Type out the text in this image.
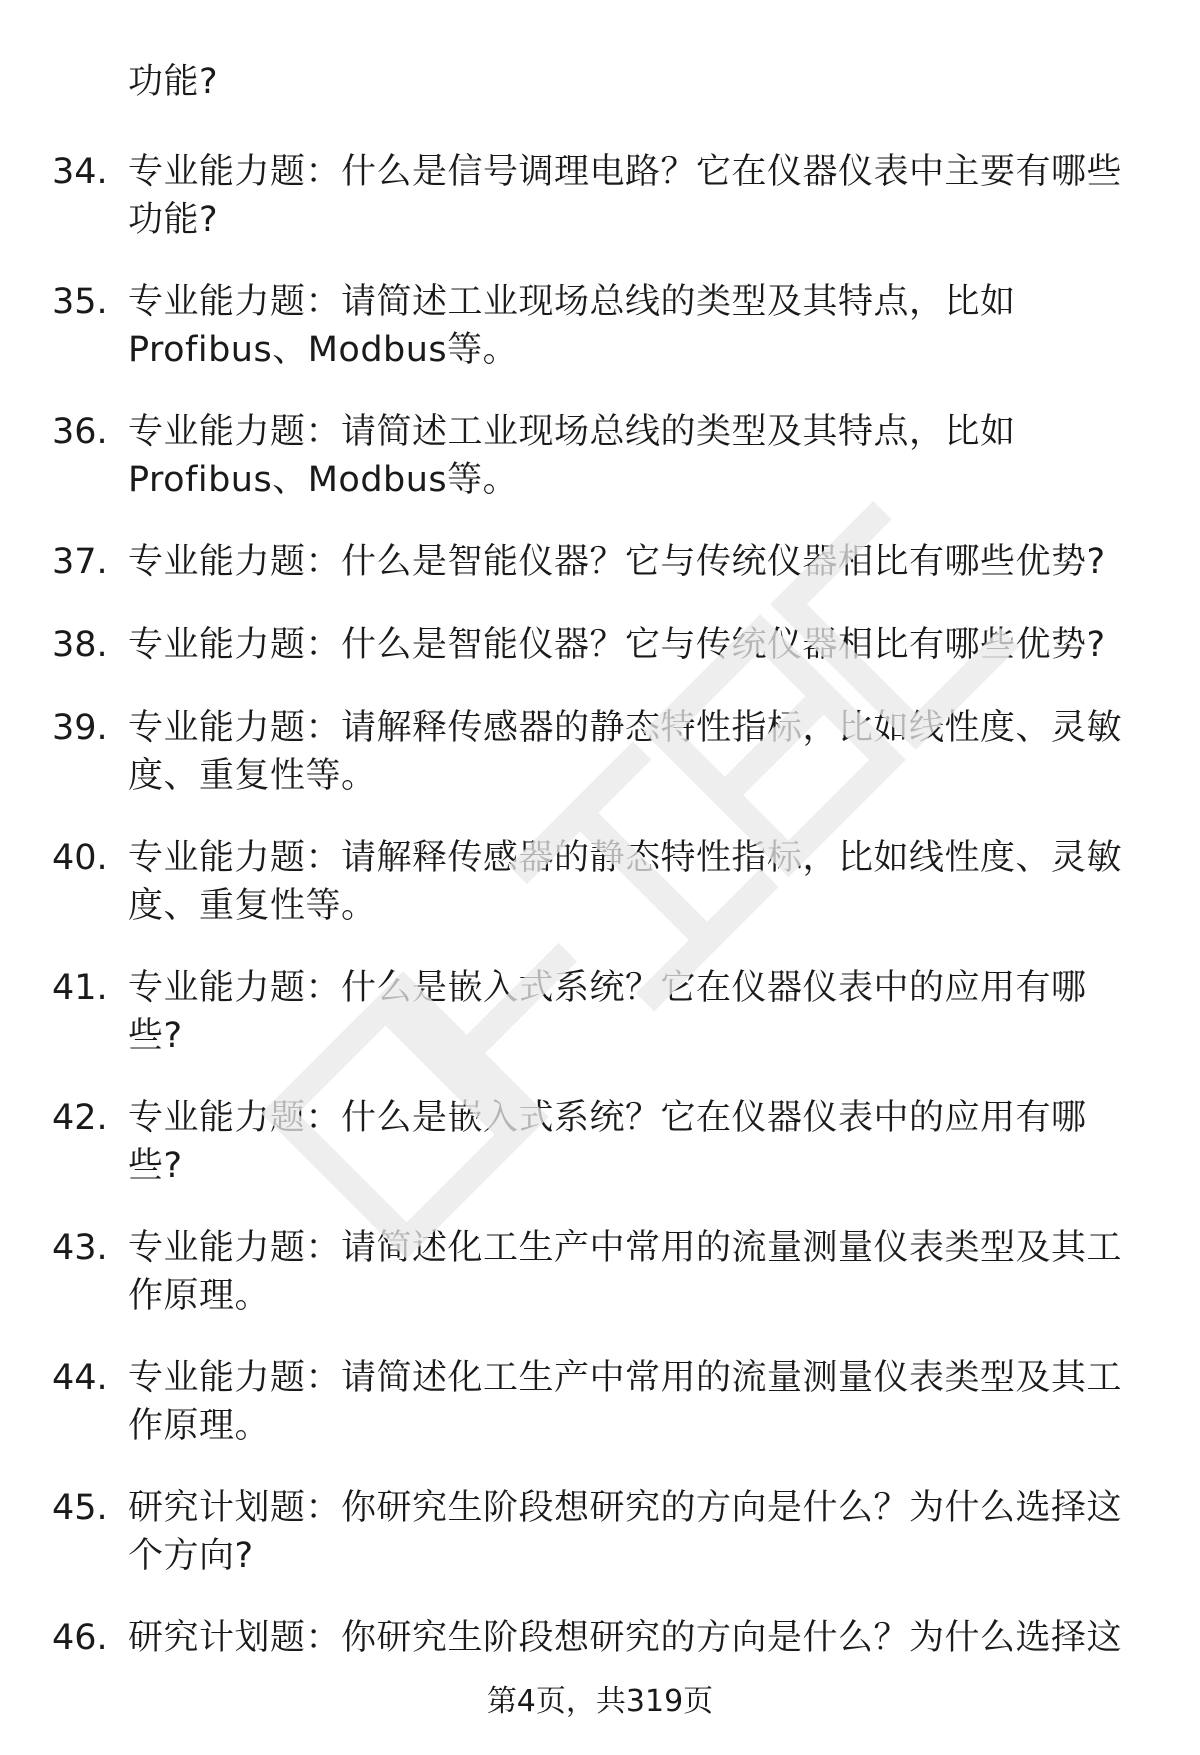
功能?
34. 专业能力题：什么是信号调理电路？它在仪器仪表中主要有哪些
功能?
35. 专业能力题：请简述工业现场总线的类型及其特点，比如
Profibus、Modbus等。
36. 专业能力题：请简述工业现场总线的类型及其特点，比如
Profibus、Modbus等。
37. 专业能力题：什么是智能仪器？它与传统仪器相比有哪些优势?
38. 专业能力题：什么是智能仪器？它与传统仪器相比有哪些优势?
39. 专业能力题：请解释传感器的静态特性指标，比如线性度、灵敏
度、重复性等。
40. 专业能力题：请解释传感器的静态特性指标，比如线性度、灵敏
度、重复性等。
41. 专业能力题：什么是嵌入式系统？它在仪器仪表中的应用有哪
些?
42. 专业能力题：什么是嵌入式系统？它在仪器仪表中的应用有哪
些?
43. 专业能力题：请简述化工生产中常用的流量测量仪表类型及其工
作原理。
44. 专业能力题：请简述化工生产中常用的流量测量仪表类型及其工
作原理。
45. 研究计划题：你研究生阶段想研究的方向是什么？为什么选择这
个方向?
46. 研究计划题：你研究生阶段想研究的方向是什么？为什么选择这
第4页，共319页
